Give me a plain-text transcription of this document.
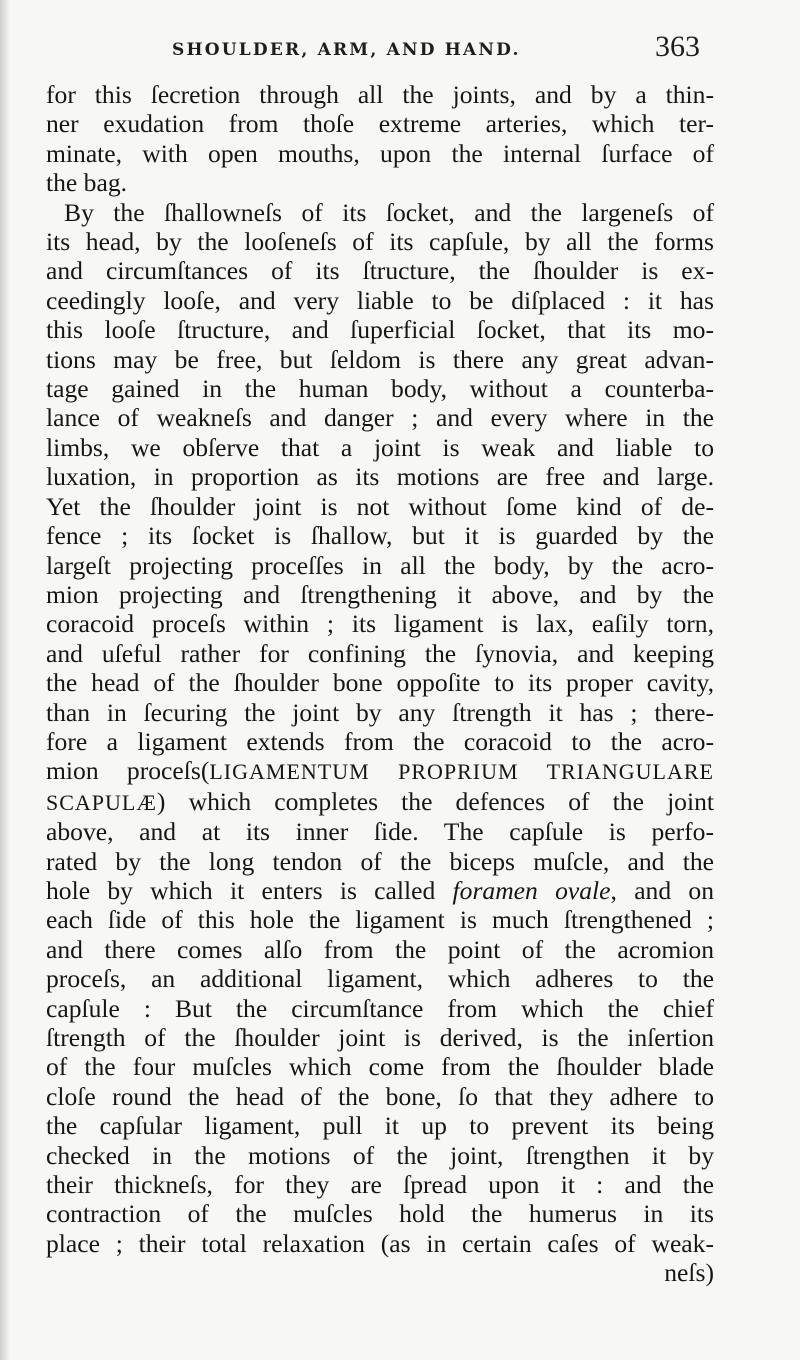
SHOULDER, ARM, AND HAND.	363
for this ſecretion through all the joints, and by a thin-
ner exudation from thoſe extreme arteries, which ter-
minate, with open mouths, upon the internal ſurface of
the bag.
By the ſhallowneſs of its ſocket, and the largeneſs of
its head, by the looſeneſs of its capſule, by all the forms
and circumſtances of its ſtructure, the ſhoulder is ex-
ceedingly looſe, and very liable to be diſplaced : it has
this looſe ſtructure, and ſuperficial ſocket, that its mo-
tions may be free, but ſeldom is there any great advan-
tage gained in the human body, without a counterba-
lance of weakneſs and danger ; and every where in the
limbs, we obſerve that a joint is weak and liable to
luxation, in proportion as its motions are free and large.
Yet the ſhoulder joint is not without ſome kind of de-
fence ; its ſocket is ſhallow, but it is guarded by the
largeſt projecting proceſſes in all the body, by the acro-
mion projecting and ſtrengthening it above, and by the
coracoid proceſs within ; its ligament is lax, eaſily torn,
and uſeful rather for confining the ſynovia, and keeping
the head of the ſhoulder bone oppoſite to its proper cavity,
than in ſecuring the joint by any ſtrength it has ; there-
fore a ligament extends from the coracoid to the acro-
mion proceſs(LIGAMENTUM PROPRIUM TRIANGULARE
SCAPULÆ) which completes the defences of the joint
above, and at its inner ſide. The capſule is perfo-
rated by the long tendon of the biceps muſcle, and the
hole by which it enters is called foramen ovale, and on
each ſide of this hole the ligament is much ſtrengthened ;
and there comes alſo from the point of the acromion
proceſs, an additional ligament, which adheres to the
capſule : But the circumſtance from which the chief
ſtrength of the ſhoulder joint is derived, is the inſertion
of the four muſcles which come from the ſhoulder blade
cloſe round the head of the bone, ſo that they adhere to
the capſular ligament, pull it up to prevent its being
checked in the motions of the joint, ſtrengthen it by
their thickneſs, for they are ſpread upon it : and the
contraction of the muſcles hold the humerus in its
place ; their total relaxation (as in certain caſes of weak-
neſs)
